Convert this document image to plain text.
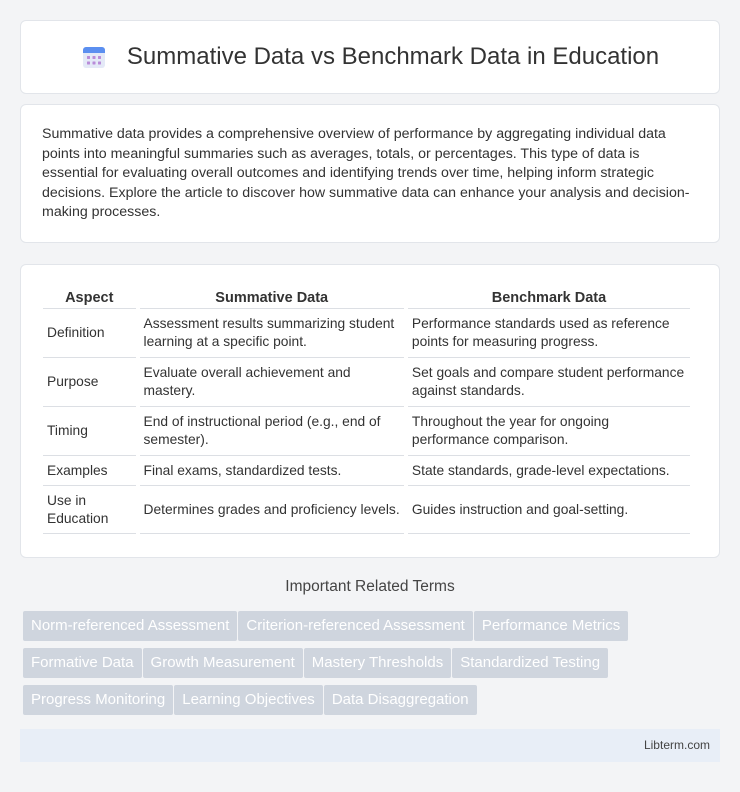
Summative Data vs Benchmark Data in Education

Summative data provides a comprehensive overview of performance by aggregating individual data points into meaningful summaries such as averages, totals, or percentages. This type of data is essential for evaluating overall outcomes and identifying trends over time, helping inform strategic decisions. Explore the article to discover how summative data can enhance your analysis and decision-making processes.

Aspect	Summative Data	Benchmark Data
Definition	Assessment results summarizing student learning at a specific point.	Performance standards used as reference points for measuring progress.
Purpose	Evaluate overall achievement and mastery.	Set goals and compare student performance against standards.
Timing	End of instructional period (e.g., end of semester).	Throughout the year for ongoing performance comparison.
Examples	Final exams, standardized tests.	State standards, grade-level expectations.
Use in Education	Determines grades and proficiency levels.	Guides instruction and goal-setting.
Important Related Terms
Norm-referenced Assessment Criterion-referenced Assessment Performance Metrics
Formative Data Growth Measurement Mastery Thresholds Standardized Testing
Progress Monitoring Learning Objectives Data Disaggregation
Libterm.com
